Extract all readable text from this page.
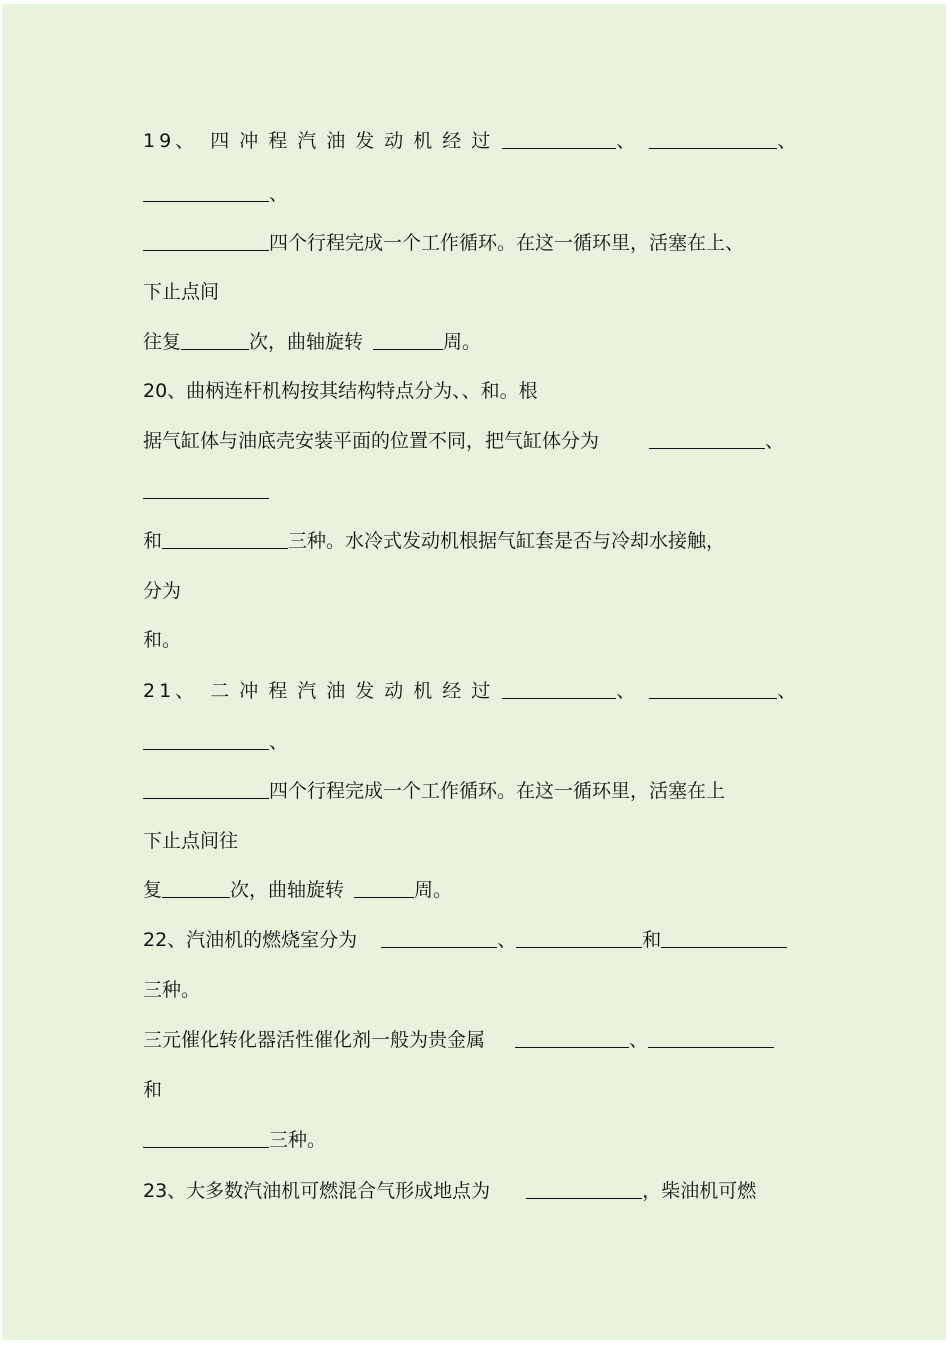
19、 四冲程汽油发动机经过	、	、
、
四个行程完成一个工作循环。在这一循环里，活塞在上、
下止点间
往复	次，曲轴旋转	周。
20、曲柄连杆机构按其结构特点分为、、和。根
据气缸体与油底壳安装平面的位置不同，把气缸体分为	、
和	三种。水冷式发动机根据气缸套是否与冷却水接触，
分为
和。
21、 二冲程汽油发动机经过	、	、
、
四个行程完成一个工作循环。在这一循环里，活塞在上
下止点间往
复	次，曲轴旋转	周。
22、汽油机的燃烧室分为	、	和
三种。
三元催化转化器活性催化剂一般为贵金属	、
和
三种。
23、大多数汽油机可燃混合气形成地点为	，柴油机可燃
